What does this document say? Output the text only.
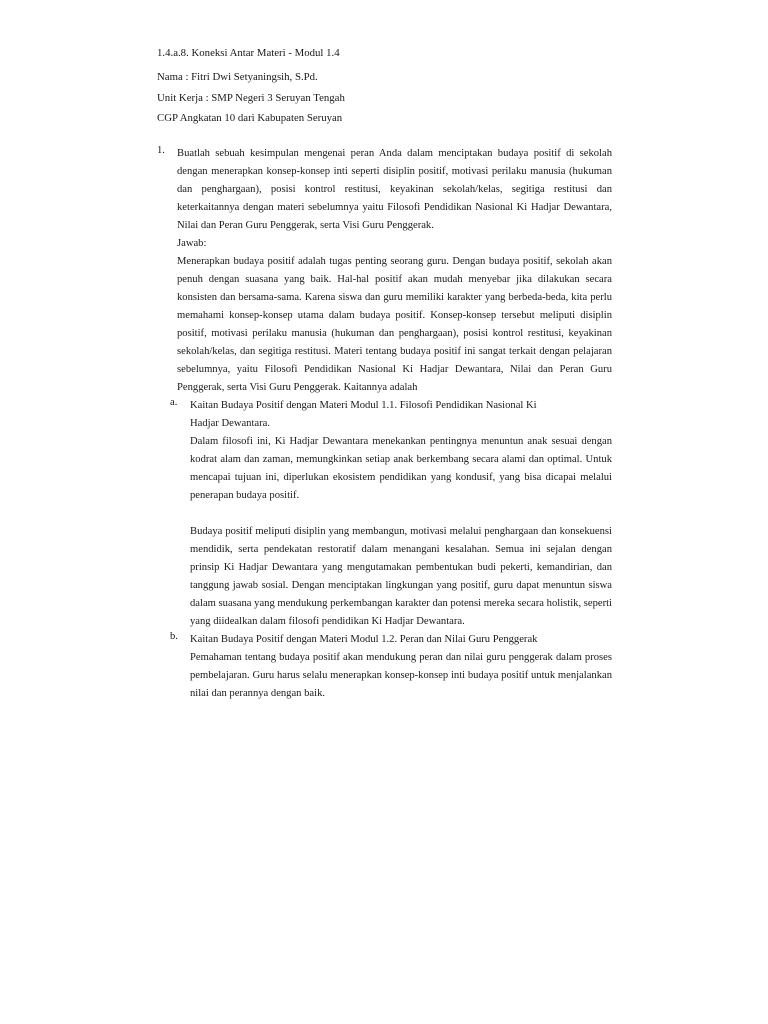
1.4.a.8. Koneksi Antar Materi - Modul 1.4
Nama : Fitri Dwi Setyaningsih, S.Pd.
Unit Kerja : SMP Negeri 3 Seruyan Tengah
CGP Angkatan 10 dari Kabupaten Seruyan
1. Buatlah sebuah kesimpulan mengenai peran Anda dalam menciptakan budaya positif di sekolah dengan menerapkan konsep-konsep inti seperti disiplin positif, motivasi perilaku manusia (hukuman dan penghargaan), posisi kontrol restitusi, keyakinan sekolah/kelas, segitiga restitusi dan keterkaitannya dengan materi sebelumnya yaitu Filosofi Pendidikan Nasional Ki Hadjar Dewantara, Nilai dan Peran Guru Penggerak, serta Visi Guru Penggerak.

Jawab:

Menerapkan budaya positif adalah tugas penting seorang guru. Dengan budaya positif, sekolah akan penuh dengan suasana yang baik. Hal-hal positif akan mudah menyebar jika dilakukan secara konsisten dan bersama-sama. Karena siswa dan guru memiliki karakter yang berbeda-beda, kita perlu memahami konsep-konsep utama dalam budaya positif. Konsep-konsep tersebut meliputi disiplin positif, motivasi perilaku manusia (hukuman dan penghargaan), posisi kontrol restitusi, keyakinan sekolah/kelas, dan segitiga restitusi. Materi tentang budaya positif ini sangat terkait dengan pelajaran sebelumnya, yaitu Filosofi Pendidikan Nasional Ki Hadjar Dewantara, Nilai dan Peran Guru Penggerak, serta Visi Guru Penggerak. Kaitannya adalah

a. Kaitan Budaya Positif dengan Materi Modul 1.1. Filosofi Pendidikan Nasional Ki

Hadjar Dewantara.

Dalam filosofi ini, Ki Hadjar Dewantara menekankan pentingnya menuntun anak sesuai dengan kodrat alam dan zaman, memungkinkan setiap anak berkembang secara alami dan optimal. Untuk mencapai tujuan ini, diperlukan ekosistem pendidikan yang kondusif, yang bisa dicapai melalui penerapan budaya positif.

Budaya positif meliputi disiplin yang membangun, motivasi melalui penghargaan dan konsekuensi mendidik, serta pendekatan restoratif dalam menangani kesalahan. Semua ini sejalan dengan prinsip Ki Hadjar Dewantara yang mengutamakan pembentukan budi pekerti, kemandirian, dan tanggung jawab sosial. Dengan menciptakan lingkungan yang positif, guru dapat menuntun siswa dalam suasana yang mendukung perkembangan karakter dan potensi mereka secara holistik, seperti yang diidealkan dalam filosofi pendidikan Ki Hadjar Dewantara.

b. Kaitan Budaya Positif dengan Materi Modul 1.2. Peran dan Nilai Guru Penggerak

Pemahaman tentang budaya positif akan mendukung peran dan nilai guru penggerak dalam proses pembelajaran. Guru harus selalu menerapkan konsep-konsep inti budaya positif untuk menjalankan nilai dan perannya dengan baik.
